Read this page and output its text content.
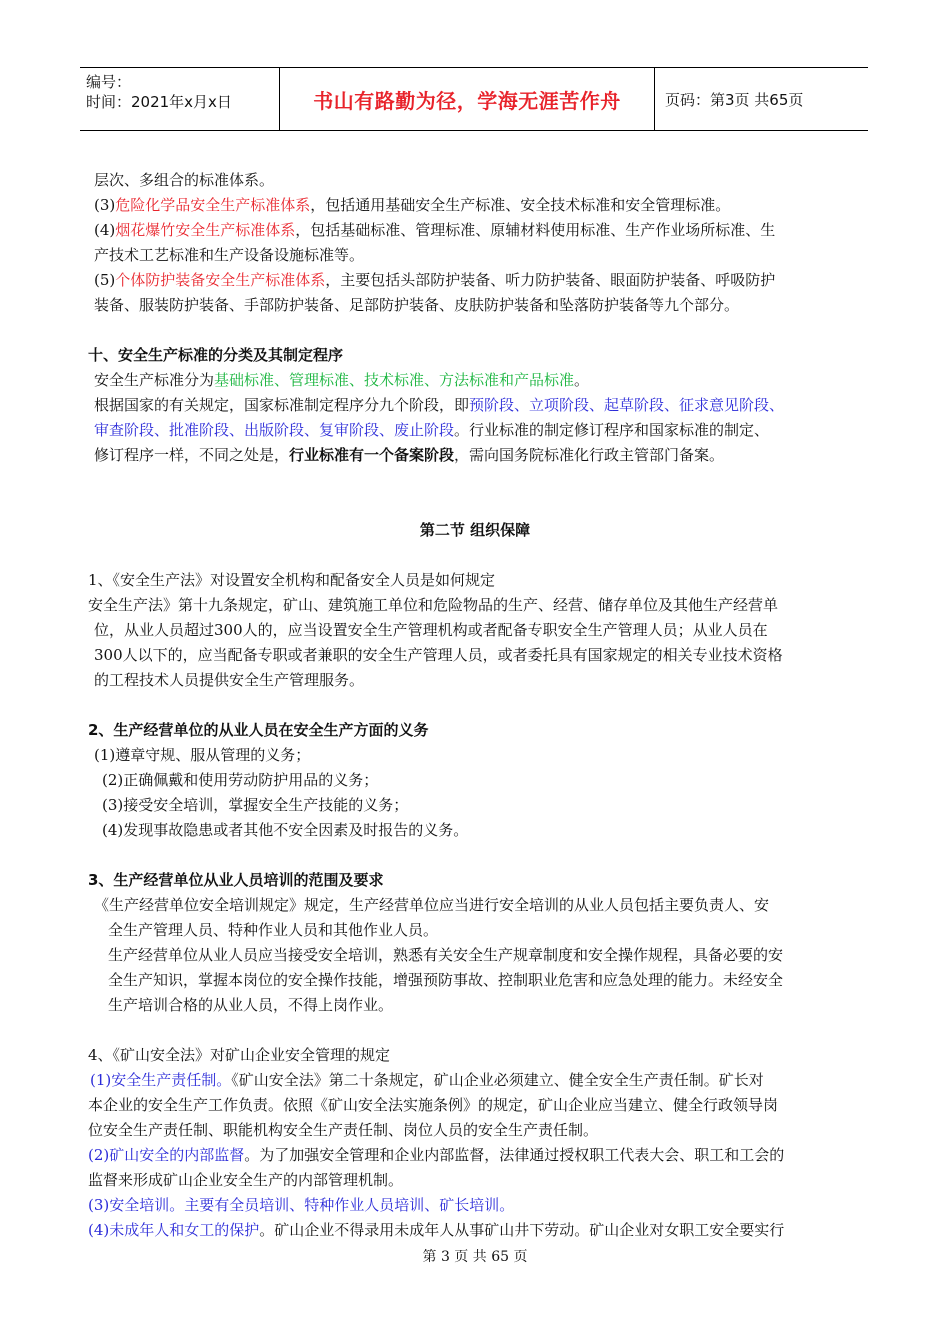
编号：
时间：2021年x月x日	书山有路勤为径，学海无涯苦作舟	页码：第3页 共65页
层次、多组合的标准体系。
(3)危险化学品安全生产标准体系，包括通用基础安全生产标准、安全技术标准和安全管理标准。
(4)烟花爆竹安全生产标准体系，包括基础标准、管理标准、原辅材料使用标准、生产作业场所标准、生
产技术工艺标准和生产设备设施标准等。
(5)个体防护装备安全生产标准体系，主要包括头部防护装备、听力防护装备、眼面防护装备、呼吸防护
装备、服装防护装备、手部防护装备、足部防护装备、皮肤防护装备和坠落防护装备等九个部分。
十、安全生产标准的分类及其制定程序
安全生产标准分为基础标准、管理标准、技术标准、方法标准和产品标准。
根据国家的有关规定，国家标准制定程序分九个阶段，即预阶段、立项阶段、起草阶段、征求意见阶段、
审查阶段、批准阶段、出版阶段、复审阶段、废止阶段。行业标准的制定修订程序和国家标准的制定、
修订程序一样，不同之处是，行业标准有一个备案阶段，需向国务院标准化行政主管部门备案。
第二节 组织保障
1、《安全生产法》对设置安全机构和配备安全人员是如何规定
安全生产法》第十九条规定，矿山、建筑施工单位和危险物品的生产、经营、储存单位及其他生产经营单
位，从业人员超过300人的，应当设置安全生产管理机构或者配备专职安全生产管理人员；从业人员在
300人以下的，应当配备专职或者兼职的安全生产管理人员，或者委托具有国家规定的相关专业技术资格
的工程技术人员提供安全生产管理服务。
2、生产经营单位的从业人员在安全生产方面的义务
(1)遵章守规、服从管理的义务；
(2)正确佩戴和使用劳动防护用品的义务；
(3)接受安全培训，掌握安全生产技能的义务；
(4)发现事故隐患或者其他不安全因素及时报告的义务。
3、生产经营单位从业人员培训的范围及要求
《生产经营单位安全培训规定》规定，生产经营单位应当进行安全培训的从业人员包括主要负责人、安
全生产管理人员、特种作业人员和其他作业人员。
生产经营单位从业人员应当接受安全培训，熟悉有关安全生产规章制度和安全操作规程，具备必要的安
全生产知识，掌握本岗位的安全操作技能，增强预防事故、控制职业危害和应急处理的能力。未经安全
生产培训合格的从业人员，不得上岗作业。
4、《矿山安全法》对矿山企业安全管理的规定
(1)安全生产责任制。《矿山安全法》第二十条规定，矿山企业必须建立、健全安全生产责任制。矿长对
本企业的安全生产工作负责。依照《矿山安全法实施条例》的规定，矿山企业应当建立、健全行政领导岗
位安全生产责任制、职能机构安全生产责任制、岗位人员的安全生产责任制。
(2)矿山安全的内部监督。为了加强安全管理和企业内部监督，法律通过授权职工代表大会、职工和工会的
监督来形成矿山企业安全生产的内部管理机制。
(3)安全培训。主要有全员培训、特种作业人员培训、矿长培训。
(4)未成年人和女工的保护。矿山企业不得录用未成年人从事矿山井下劳动。矿山企业对女职工安全要实行
第 3 页 共 65 页
